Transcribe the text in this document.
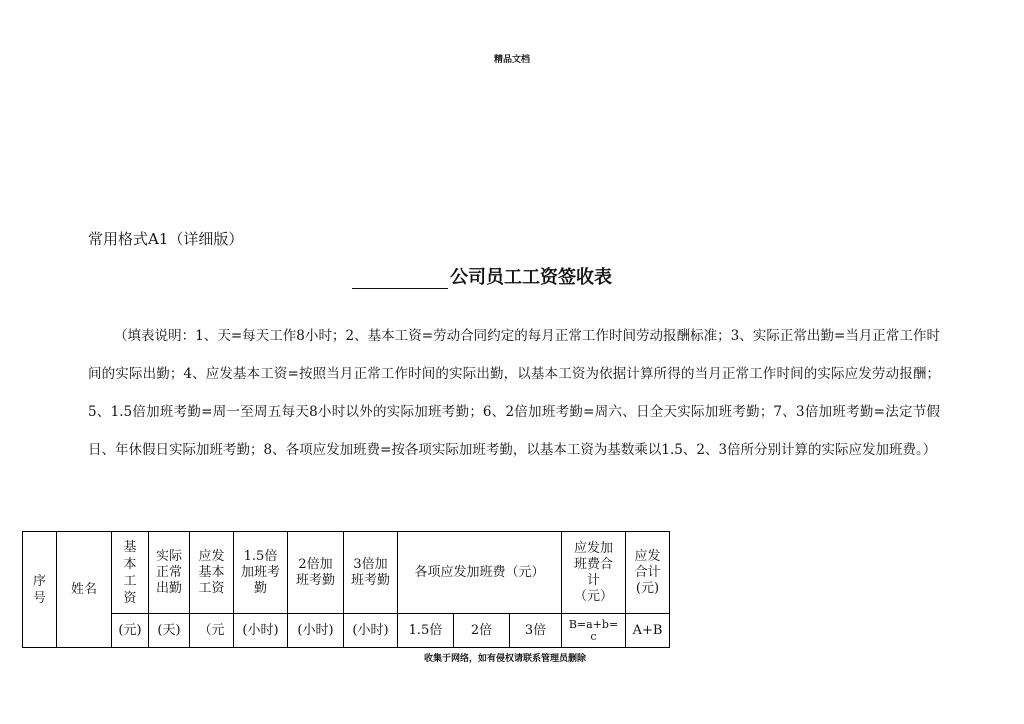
精品文档
常用格式A1（详细版）
公司员工工资签收表

（填表说明：1、天=每天工作8小时；2、基本工资=劳动合同约定的每月正常工作时间劳动报酬标准；3、实际正常出勤=当月正常工作时间的实际出勤；4、应发基本工资=按照当月正常工作时间的实际出勤，以基本工资为依据计算所得的当月正常工作时间的实际应发劳动报酬；5、1.5倍加班考勤=周一至周五每天8小时以外的实际加班考勤；6、2倍加班考勤=周六、日全天实际加班考勤；7、3倍加班考勤=法定节假日、年休假日实际加班考勤；8、各项应发加班费=按各项实际加班考勤，以基本工资为基数乘以1.5、2、3倍所分别计算的实际应发加班费。）

序号	姓名	基本工资	实际正常出勤	应发基本工资	1.5倍加班考勤	2倍加班考勤	3倍加班考勤	各项应发加班费（元）			应发加班费合计（元）	应发合计(元)

		(元)	(天)	（元	(小时)	(小时)	(小时)	1.5倍	2倍	3倍	B=a+b=c	A+B
收集于网络，如有侵权请联系管理员删除
